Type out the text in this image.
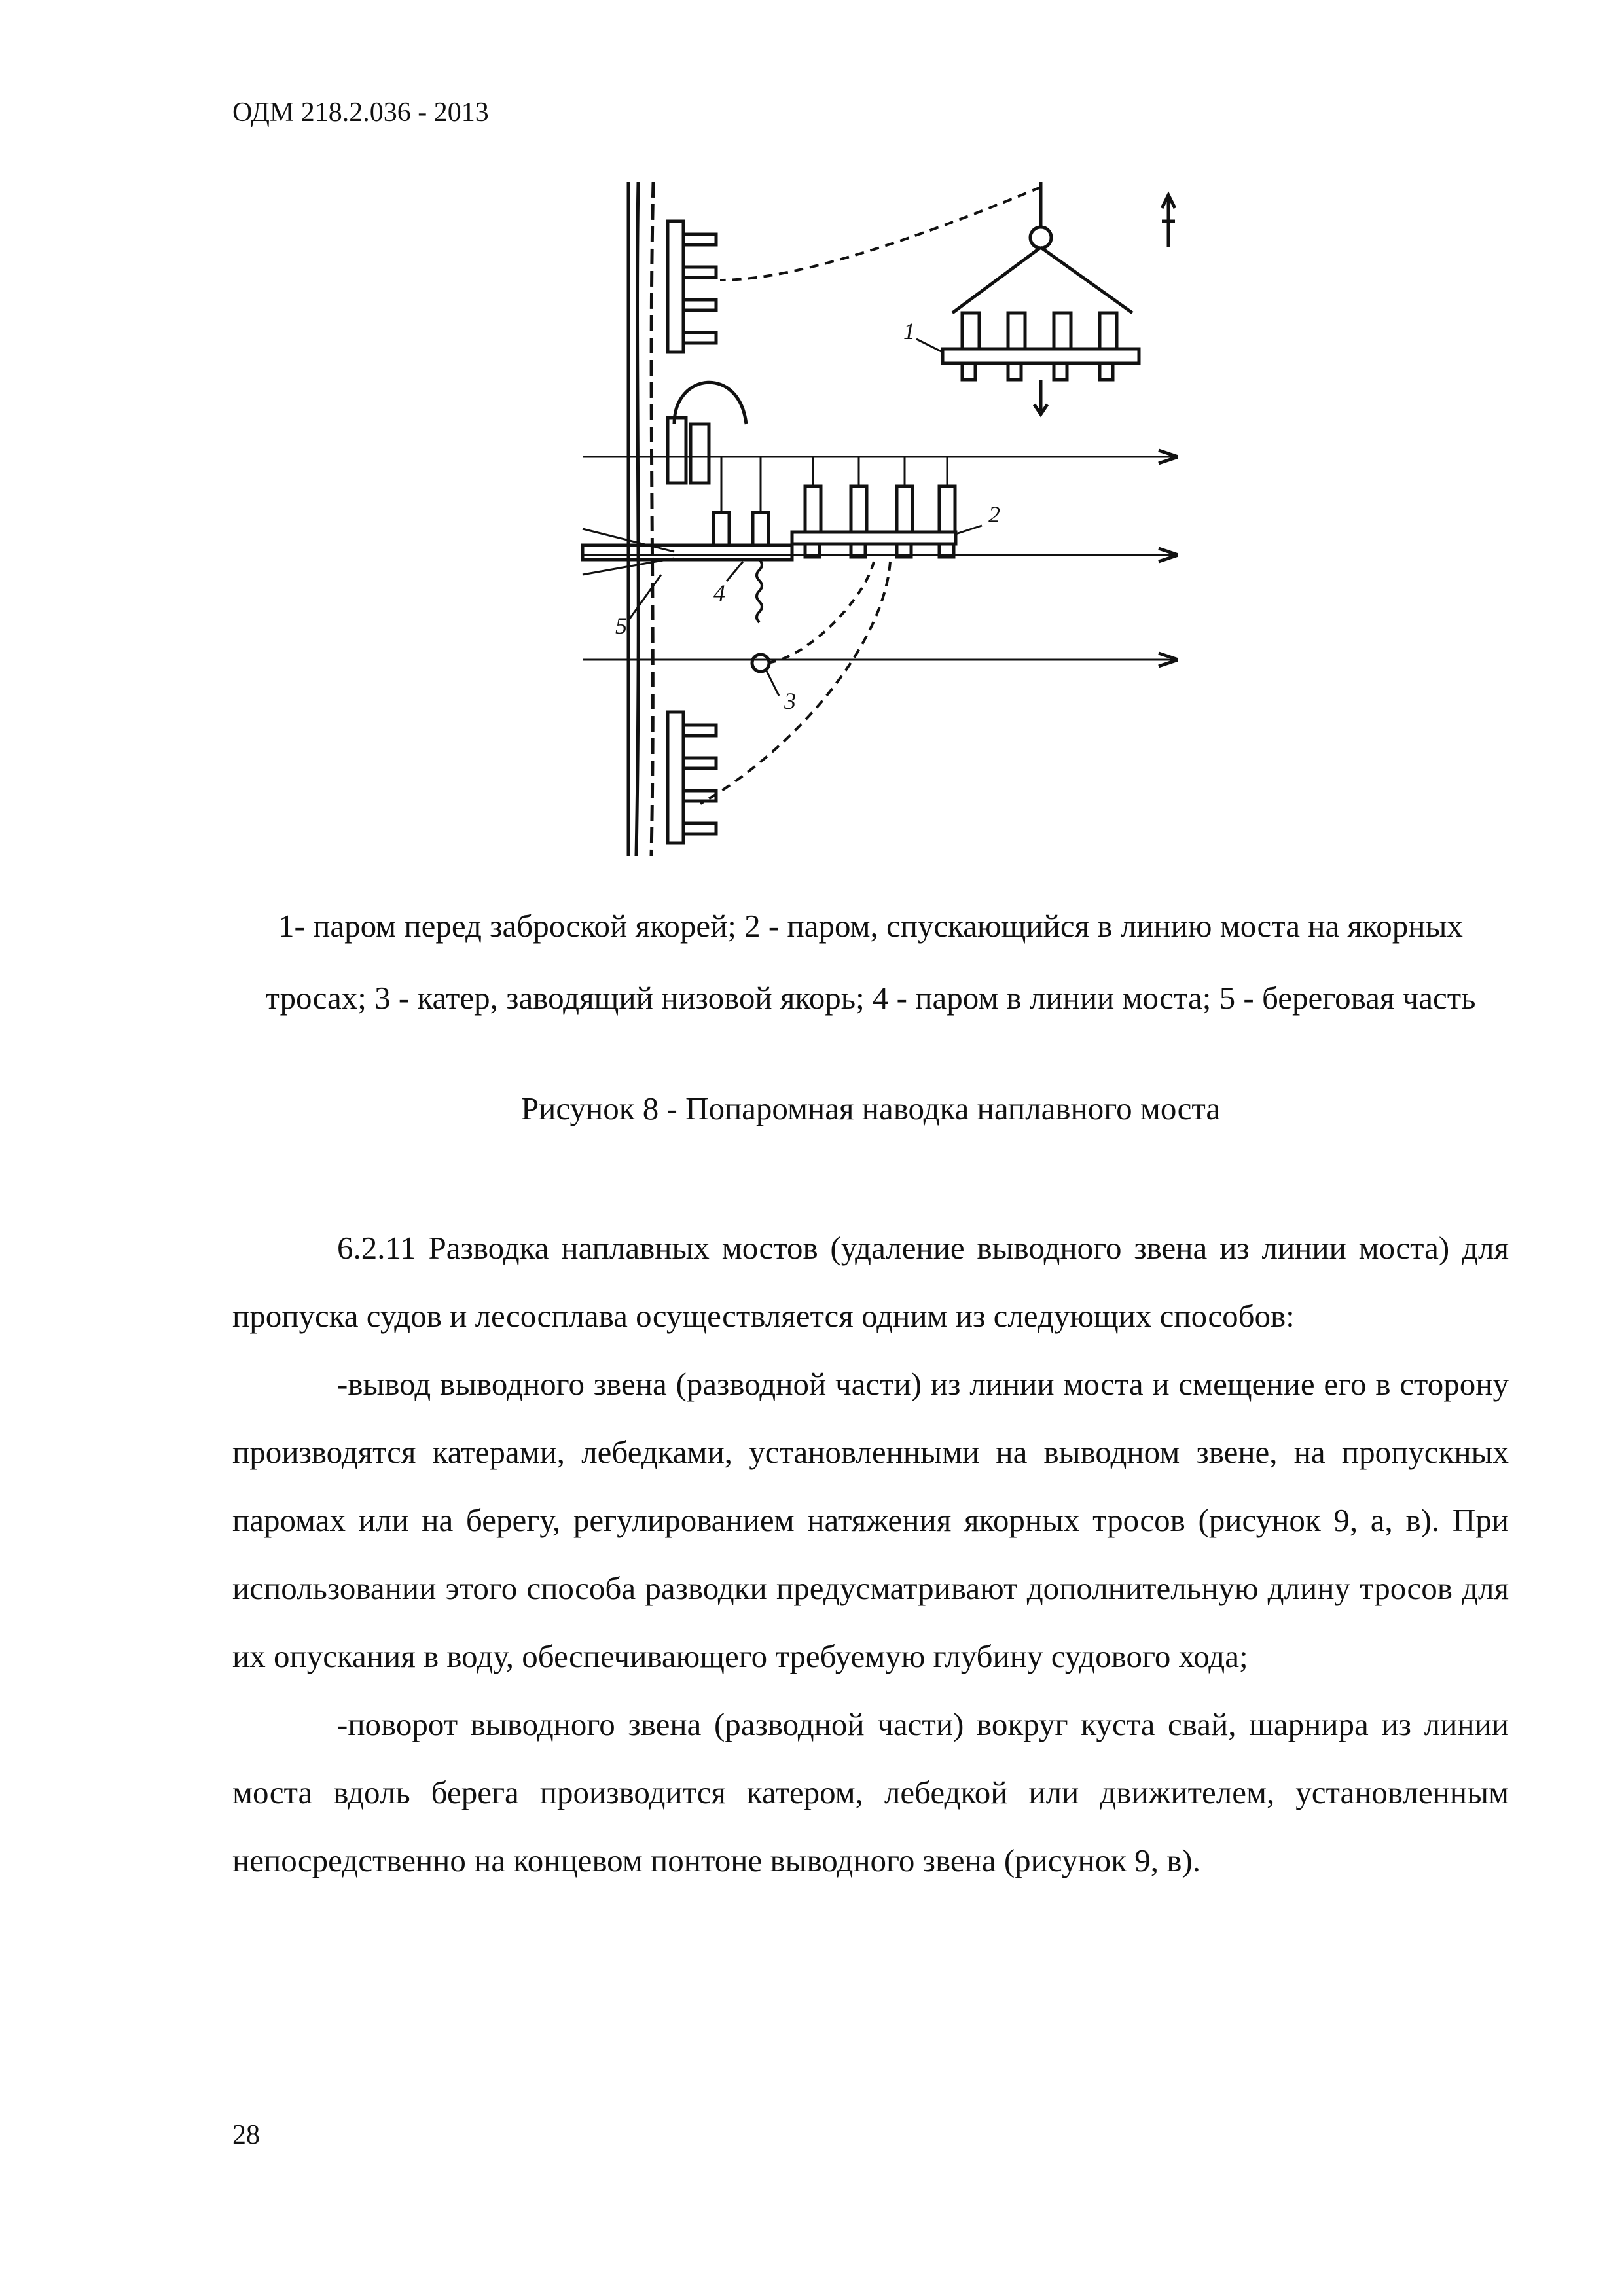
ОДМ 218.2.036 - 2013
1
2
3
4
5
1- паром перед заброской якорей; 2 - паром, спускающийся в линию моста на якорных тросах; 3 - катер, заводящий низовой якорь; 4 - паром в линии моста; 5 - береговая часть
Рисунок 8 - Попаромная наводка наплавного моста

6.2.11 Разводка наплавных мостов (удаление выводного звена из линии моста) для пропуска судов и лесосплава осуществляется одним из следующих способов:

-вывод выводного звена (разводной части) из линии моста и смещение его в сторону производятся катерами, лебедками, установленными на выводном звене, на пропускных паромах или на берегу, регулированием натяжения якорных тросов (рисунок 9, а, в). При использовании этого способа разводки предусматривают дополнительную длину тросов для их опускания в воду, обеспечивающего требуемую глубину судового хода;

-поворот выводного звена (разводной части) вокруг куста свай, шарнира из линии моста вдоль берега производится катером, лебедкой или движителем, установленным непосредственно на концевом понтоне выводного звена (рисунок 9, в).

28
